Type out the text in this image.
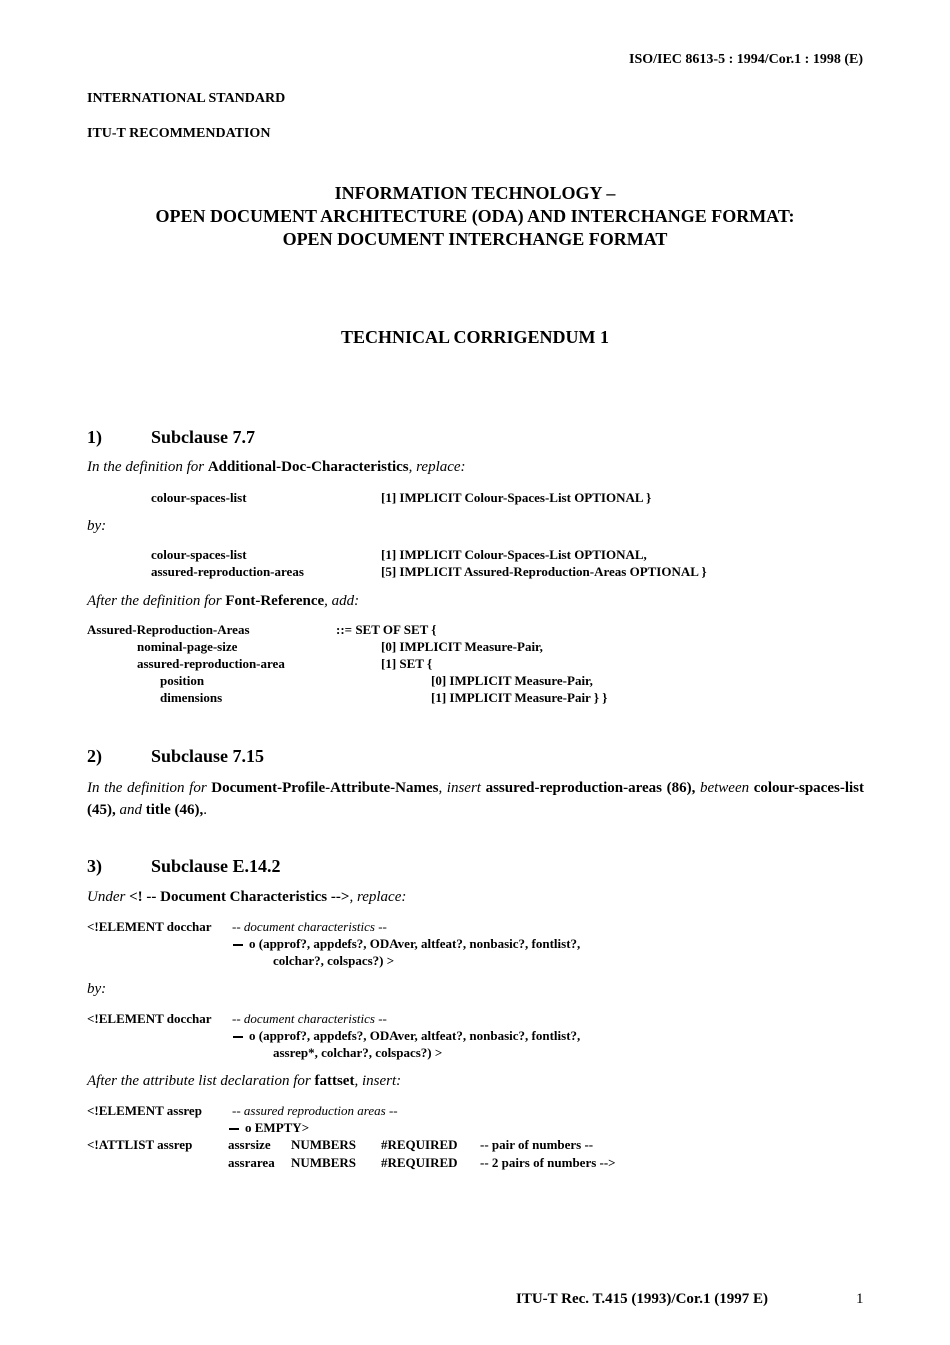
ISO/IEC 8613-5 : 1994/Cor.1 : 1998 (E)
INTERNATIONAL STANDARD
ITU-T RECOMMENDATION
INFORMATION TECHNOLOGY –
OPEN DOCUMENT ARCHITECTURE (ODA) AND INTERCHANGE FORMAT:
OPEN DOCUMENT INTERCHANGE FORMAT
TECHNICAL CORRIGENDUM 1
1)	Subclause 7.7
In the definition for Additional-Doc-Characteristics, replace:
colour-spaces-list	[1] IMPLICIT Colour-Spaces-List OPTIONAL }
by:
colour-spaces-list	[1] IMPLICIT Colour-Spaces-List OPTIONAL,
assured-reproduction-areas	[5] IMPLICIT Assured-Reproduction-Areas OPTIONAL }
After the definition for Font-Reference, add:
Assured-Reproduction-Areas	::= SET OF SET {
nominal-page-size	[0] IMPLICIT Measure-Pair,
assured-reproduction-area	[1] SET {
position	[0] IMPLICIT Measure-Pair,
dimensions	[1] IMPLICIT Measure-Pair } }
2)	Subclause 7.15
In the definition for Document-Profile-Attribute-Names, insert assured-reproduction-areas (86), between colour-spaces-list (45), and title (46),.
3)	Subclause E.14.2
Under <! -- Document Characteristics -->, replace:
<!ELEMENT docchar -- document characteristics --
o (approf?, appdefs?, ODAver, altfeat?, nonbasic?, fontlist?,
colchar?, colspacs?) >
by:
<!ELEMENT docchar -- document characteristics --
o (approf?, appdefs?, ODAver, altfeat?, nonbasic?, fontlist?,
assrep*, colchar?, colspacs?) >
After the attribute list declaration for fattset, insert:
<!ELEMENT assrep -- assured reproduction areas --
o EMPTY>
<!ATTLIST assrep	assrsize NUMBERS #REQUIRED -- pair of numbers --
assrarea NUMBERS #REQUIRED -- 2 pairs of numbers -->
ITU-T Rec. T.415 (1993)/Cor.1 (1997 E)	1
